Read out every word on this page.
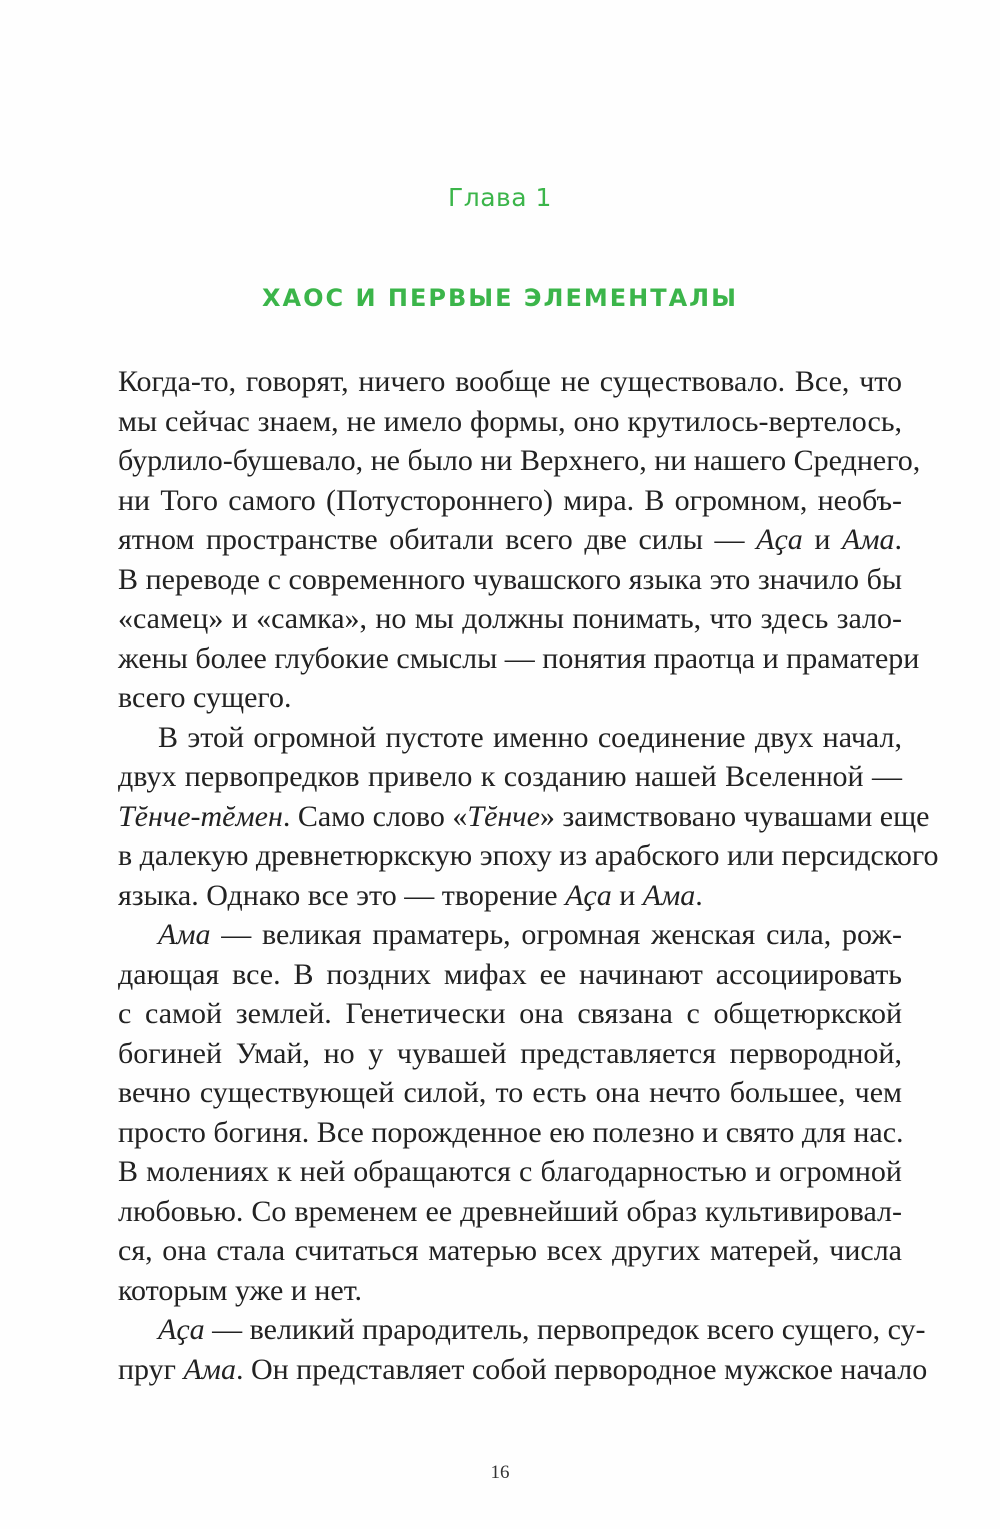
Глава 1
ХАОС И ПЕРВЫЕ ЭЛЕМЕНТАЛЫ
Когда-то, говорят, ничего вообще не существовало. Все, что
мы сейчас знаем, не имело формы, оно крутилось-вертелось,
бурлило-бушевало, не было ни Верхнего, ни нашего Среднего,
ни Того самого (Потустороннего) мира. В огромном, необъ-
ятном пространстве обитали всего две силы — Аҫа и Ама.
В переводе с современного чувашского языка это значило бы
«самец» и «самка», но мы должны понимать, что здесь зало-
жены более глубокие смыслы — понятия праотца и праматери
всего сущего.
В этой огромной пустоте именно соединение двух начал,
двух первопредков привело к созданию нашей Вселенной —
Тĕнче-тĕмен. Само слово «Тĕнче» заимствовано чувашами еще
в далекую древнетюркскую эпоху из арабского или персидского
языка. Однако все это — творение Аҫа и Ама.
Ама — великая праматерь, огромная женская сила, рож-
дающая все. В поздних мифах ее начинают ассоциировать
с самой землей. Генетически она связана с общетюркской
богиней Умай, но у чувашей представляется первородной,
вечно существующей силой, то есть она нечто большее, чем
просто богиня. Все порожденное ею полезно и свято для нас.
В молениях к ней обращаются с благодарностью и огромной
любовью. Со временем ее древнейший образ культивировал-
ся, она стала считаться матерью всех других матерей, числа
которым уже и нет.
Аҫа — великий прародитель, первопредок всего сущего, су-
пруг Ама. Он представляет собой первородное мужское начало
16
